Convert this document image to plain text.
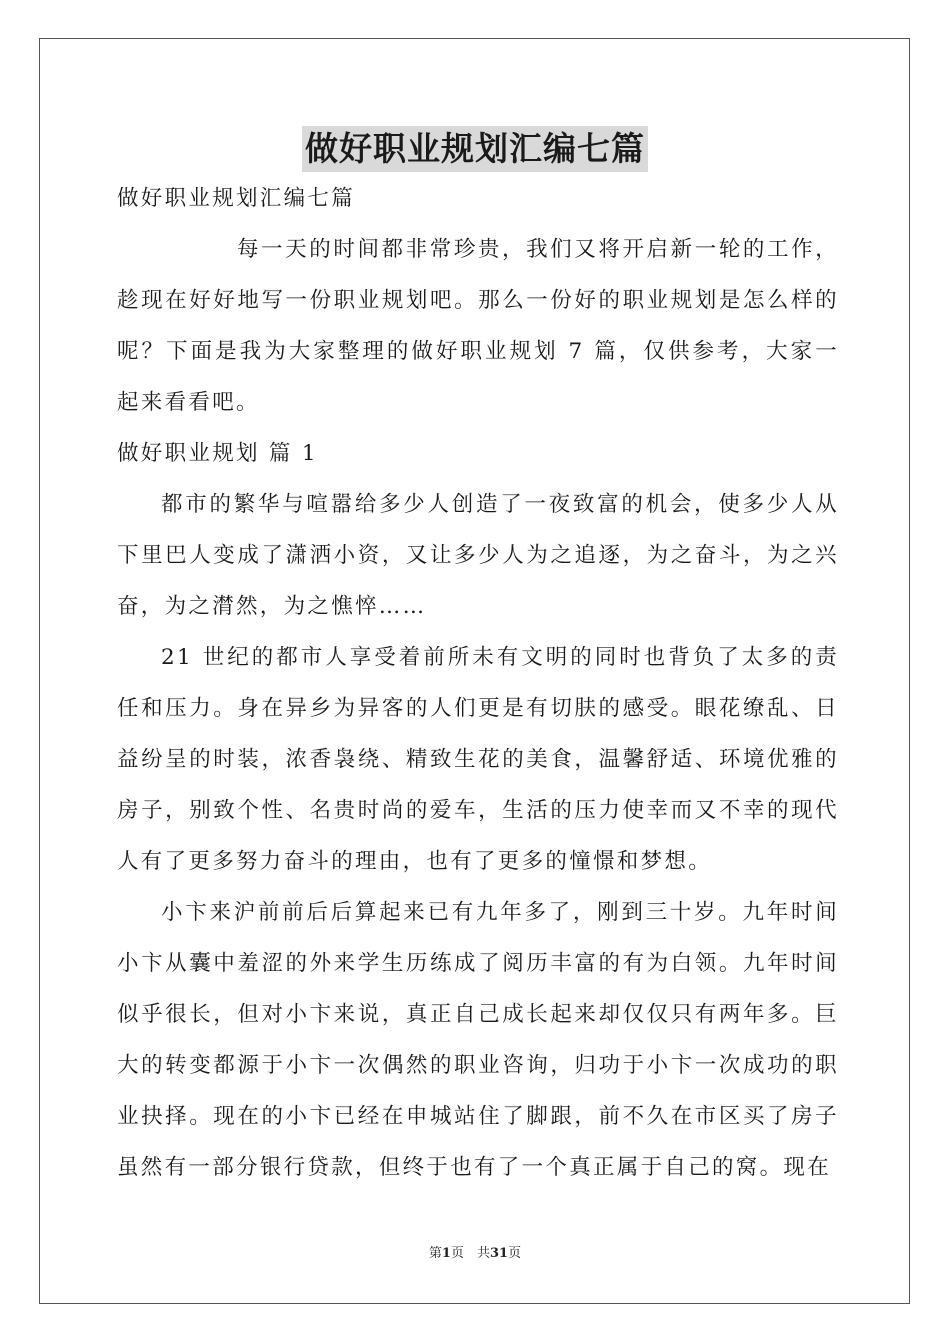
做好职业规划汇编七篇

做好职业规划汇编七篇

每一天的时间都非常珍贵，我们又将开启新一轮的工作，趁现在好好地写一份职业规划吧。那么一份好的职业规划是怎么样的呢？下面是我为大家整理的做好职业规划 7 篇，仅供参考，大家一起来看看吧。

做好职业规划 篇 1

都市的繁华与喧嚣给多少人创造了一夜致富的机会，使多少人从下里巴人变成了潇洒小资，又让多少人为之追逐，为之奋斗，为之兴奋，为之潸然，为之憔悴……

21 世纪的都市人享受着前所未有文明的同时也背负了太多的责任和压力。身在异乡为异客的人们更是有切肤的感受。眼花缭乱、日益纷呈的时装，浓香袅绕、精致生花的美食，温馨舒适、环境优雅的房子，别致个性、名贵时尚的爱车，生活的压力使幸而又不幸的现代人有了更多努力奋斗的理由，也有了更多的憧憬和梦想。

小卞来沪前前后后算起来已有九年多了，刚到三十岁。九年时间小卞从囊中羞涩的外来学生历练成了阅历丰富的有为白领。九年时间似乎很长，但对小卞来说，真正自己成长起来却仅仅只有两年多。巨大的转变都源于小卞一次偶然的职业咨询，归功于小卞一次成功的职业抉择。现在的小卞已经在申城站住了脚跟，前不久在市区买了房子虽然有一部分银行贷款，但终于也有了一个真正属于自己的窝。现在

第1页　共31页
